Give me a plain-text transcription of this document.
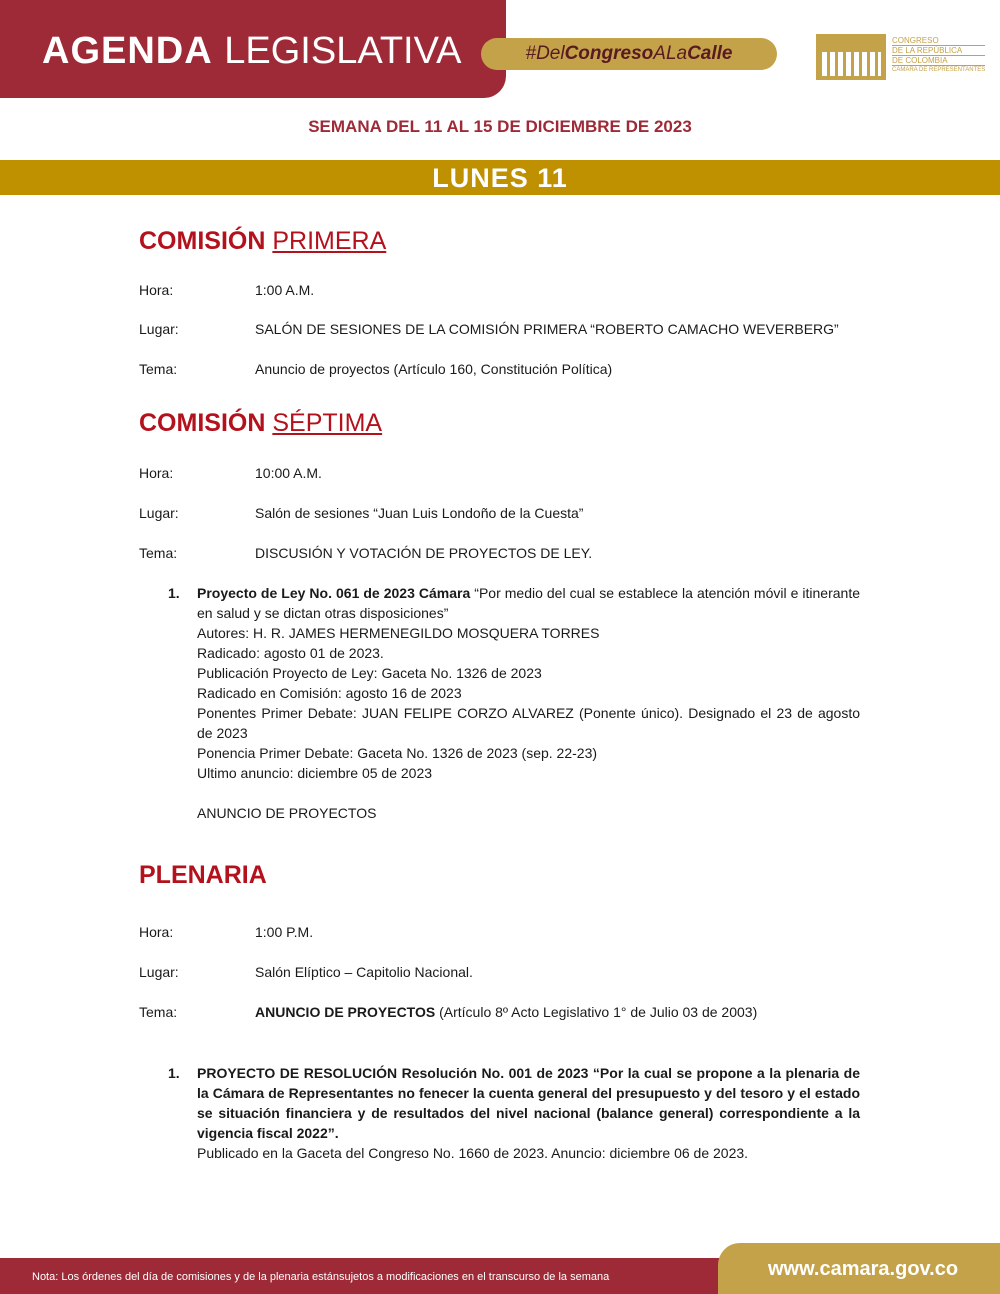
AGENDA LEGISLATIVA	#DelCongresoALaCalle
CONGRESO
DE LA REPÚBLICA
DE COLOMBIA
CÁMARA DE REPRESENTANTES
SEMANA DEL 11 AL 15 DE DICIEMBRE DE 2023
LUNES 11
COMISIÓN PRIMERA
Hora:	1:00 A.M.
Lugar:	SALÓN DE SESIONES DE LA COMISIÓN PRIMERA “ROBERTO CAMACHO WEVERBERG”
Tema:	Anuncio de proyectos (Artículo 160, Constitución Política)
COMISIÓN SÉPTIMA
Hora:	10:00 A.M.
Lugar:	Salón de sesiones “Juan Luis Londoño de la Cuesta”
Tema:	DISCUSIÓN Y VOTACIÓN DE PROYECTOS DE LEY.
1. Proyecto de Ley No. 061 de 2023 Cámara “Por medio del cual se establece la atención móvil e itinerante en salud y se dictan otras disposiciones”
Autores: H. R. JAMES HERMENEGILDO MOSQUERA TORRES
Radicado: agosto 01 de 2023.
Publicación Proyecto de Ley: Gaceta No. 1326 de 2023
Radicado en Comisión: agosto 16 de 2023
Ponentes Primer Debate: JUAN FELIPE CORZO ALVAREZ (Ponente único). Designado el 23 de agosto de 2023
Ponencia Primer Debate: Gaceta No. 1326 de 2023 (sep. 22-23)
Ultimo anuncio: diciembre 05 de 2023
ANUNCIO DE PROYECTOS
PLENARIA
Hora:	1:00 P.M.
Lugar:	Salón Elíptico – Capitolio Nacional.
Tema:	ANUNCIO DE PROYECTOS (Artículo 8º Acto Legislativo 1° de Julio 03 de 2003)
1. PROYECTO DE RESOLUCIÓN Resolución No. 001 de 2023 “Por la cual se propone a la plenaria de la Cámara de Representantes no fenecer la cuenta general del presupuesto y del tesoro y el estado se situación financiera y de resultados del nivel nacional (balance general) correspondiente a la vigencia fiscal 2022”.
Publicado en la Gaceta del Congreso No. 1660 de 2023. Anuncio: diciembre 06 de 2023.
Nota: Los órdenes del día de comisiones y de la plenaria estánsujetos a modificaciones en el transcurso de la semana	www.camara.gov.co
